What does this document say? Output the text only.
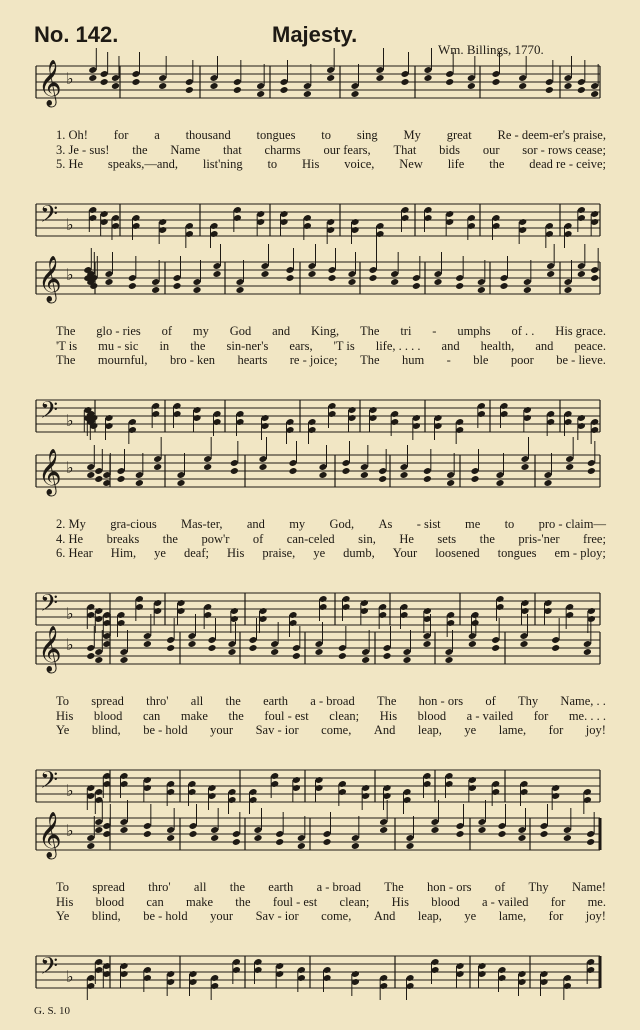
No. 142.	Majesty.
Wm. Billings, 1770.
𝄞
𝄢
♭
♭
1. Oh! for a thousand tongues to sing My great Re - deem-er's praise,
3. Je - sus! the Name that charms our fears, That bids our sor - rows cease;
5. He speaks,—and, list'ning to His voice, New life the dead re - ceive;
𝄞
𝄢
♭
♭
The glo - ries of my God and King, The tri - umphs of . . His grace.
'T is mu - sic in the sin-ner's ears, 'T is life, . . . . and health, and peace.
The mournful, bro - ken hearts re - joice; The hum - ble poor be - lieve.
𝄞
𝄢
♭
♭
2. My gra-cious Mas-ter, and my God, As - sist me to pro - claim—
4. He breaks the pow'r of can-celed sin, He sets the pris-'ner free;
6. Hear Him, ye deaf; His praise, ye dumb, Your loosened tongues em - ploy;
𝄞
𝄢
♭
♭
To spread thro' all the earth a - broad The hon - ors of Thy Name, . .
His blood can make the foul - est clean; His blood a - vailed for me. . . .
Ye blind, be - hold your Sav - ior come, And leap, ye lame, for joy!
𝄞
𝄢
♭
♭
To spread thro' all the earth a - broad The hon - ors of Thy Name!
His blood can make the foul - est clean; His blood a - vailed for me.
Ye blind, be - hold your Sav - ior come, And leap, ye lame, for joy!
G. S. 10
